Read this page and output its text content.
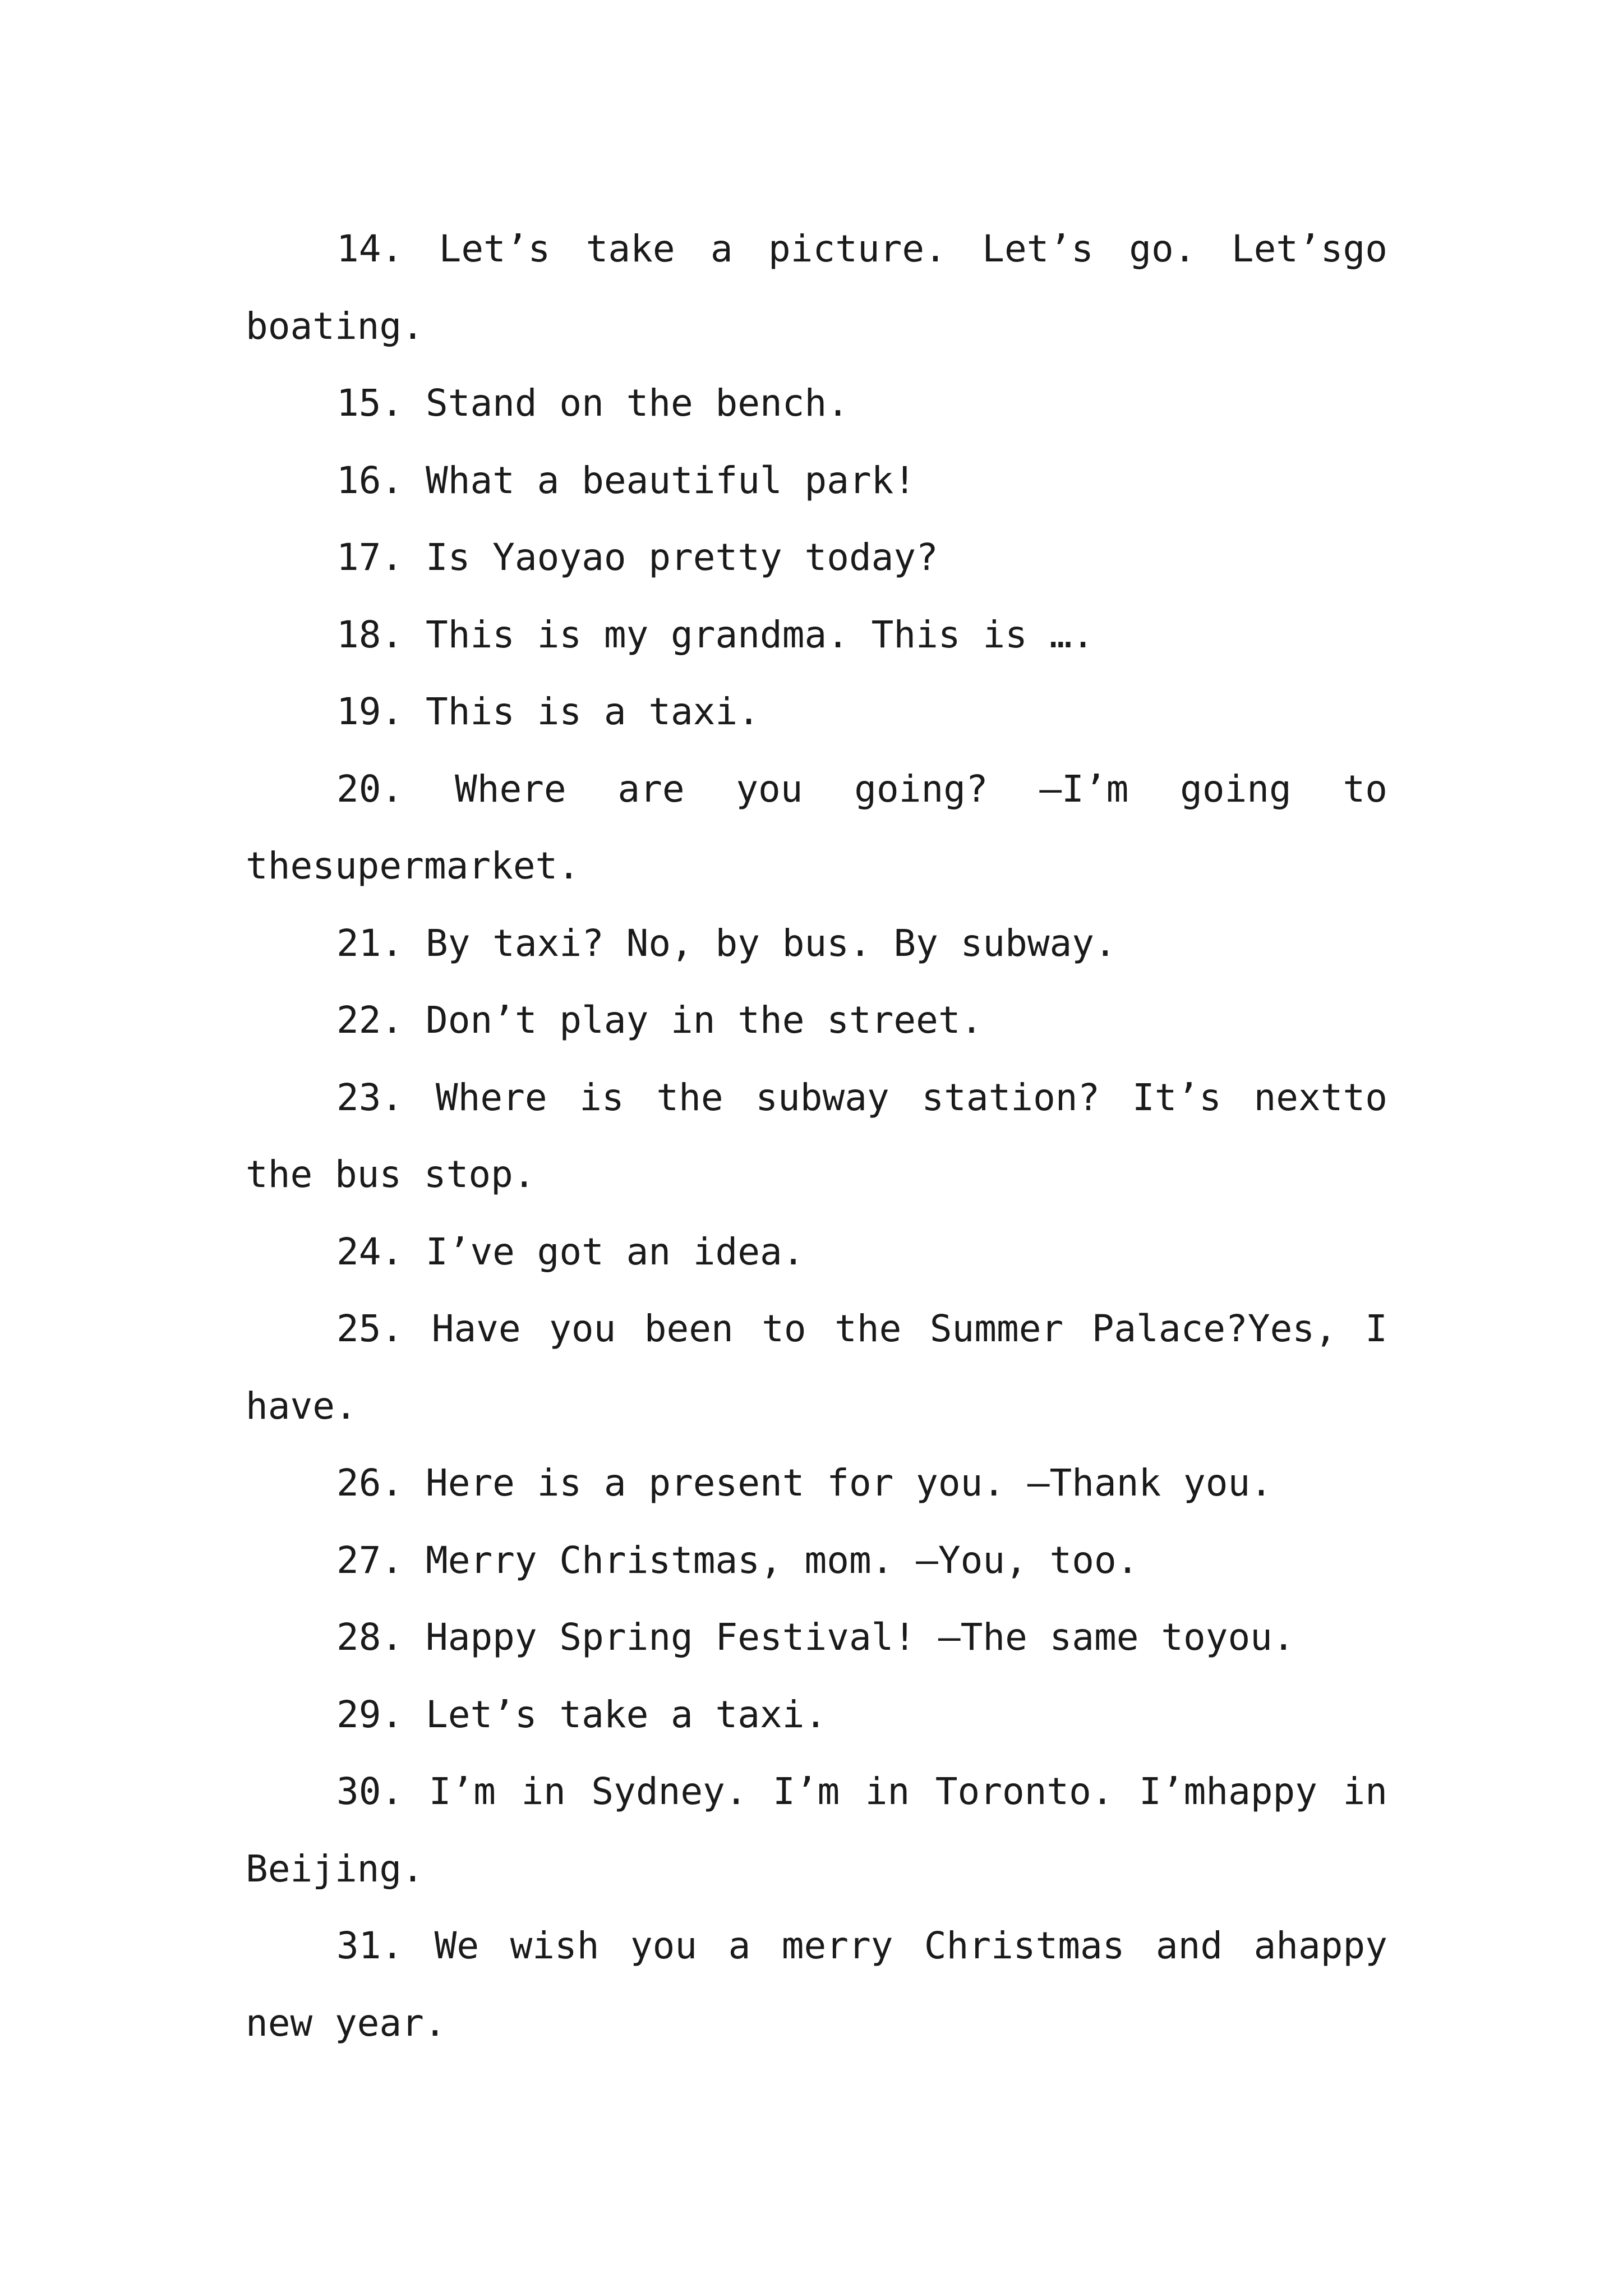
14. Let’s take a picture. Let’s go. Let’sgo boating.

15. Stand on the bench.

16. What a beautiful park!

17. Is Yaoyao pretty today?

18. This is my grandma. This is ….

19. This is a taxi.

20. Where are you going? –I’m going to thesupermarket.

21. By taxi? No, by bus. By subway.

22. Don’t play in the street.

23. Where is the subway station? It’s nextto the bus stop.

24. I’ve got an idea.

25. Have you been to the Summer Palace?Yes, I have.

26. Here is a present for you. –Thank you.

27. Merry Christmas, mom. –You, too.

28. Happy Spring Festival! –The same toyou.

29. Let’s take a taxi.

30. I’m in Sydney. I’m in Toronto. I’mhappy in Beijing.

31. We wish you a merry Christmas and ahappy new year.
